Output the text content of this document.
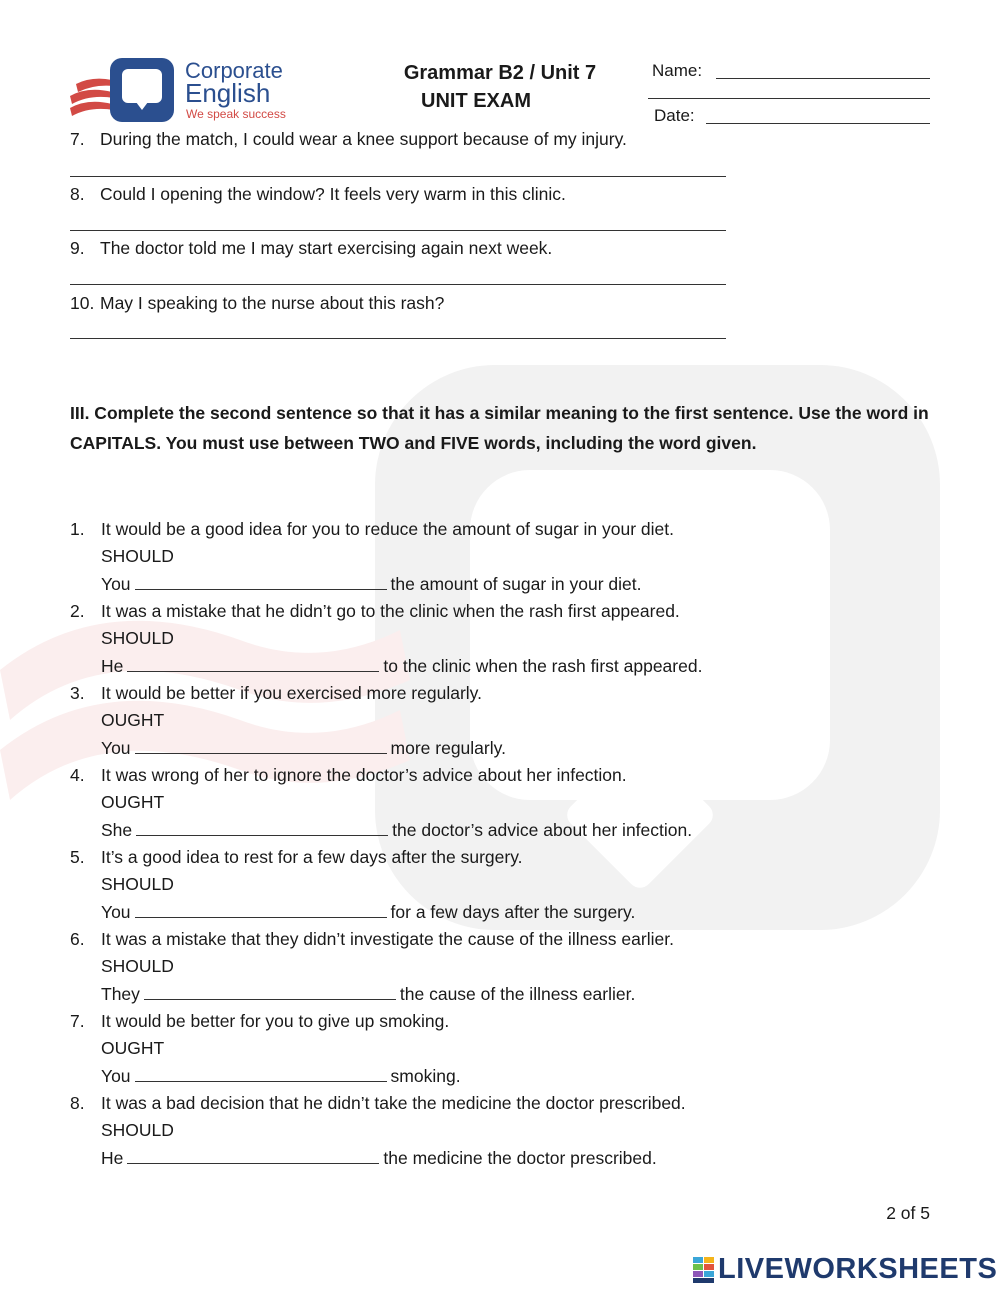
Corporate
English
We speak success
Grammar B2 / Unit 7
UNIT EXAM
Name:
Date:
7. During the match, I could wear a knee support because of my injury.
8. Could I opening the window? It feels very warm in this clinic.
9. The doctor told me I may start exercising again next week.
10. May I speaking to the nurse about this rash?
III. Complete the second sentence so that it has a similar meaning to the first sentence. Use the word in CAPITALS. You must use between TWO and FIVE words, including the word given.
1. It would be a good idea for you to reduce the amount of sugar in your diet.
SHOULD
You	the amount of sugar in your diet.
2. It was a mistake that he didn’t go to the clinic when the rash first appeared.
SHOULD
He	to the clinic when the rash first appeared.
3. It would be better if you exercised more regularly.
OUGHT
You	more regularly.
4. It was wrong of her to ignore the doctor’s advice about her infection.
OUGHT
She	the doctor’s advice about her infection.
5. It’s a good idea to rest for a few days after the surgery.
SHOULD
You	for a few days after the surgery.
6. It was a mistake that they didn’t investigate the cause of the illness earlier.
SHOULD
They	the cause of the illness earlier.
7. It would be better for you to give up smoking.
OUGHT
You	smoking.
8. It was a bad decision that he didn’t take the medicine the doctor prescribed.
SHOULD
He	the medicine the doctor prescribed.
2 of 5
LIVEWORKSHEETS
